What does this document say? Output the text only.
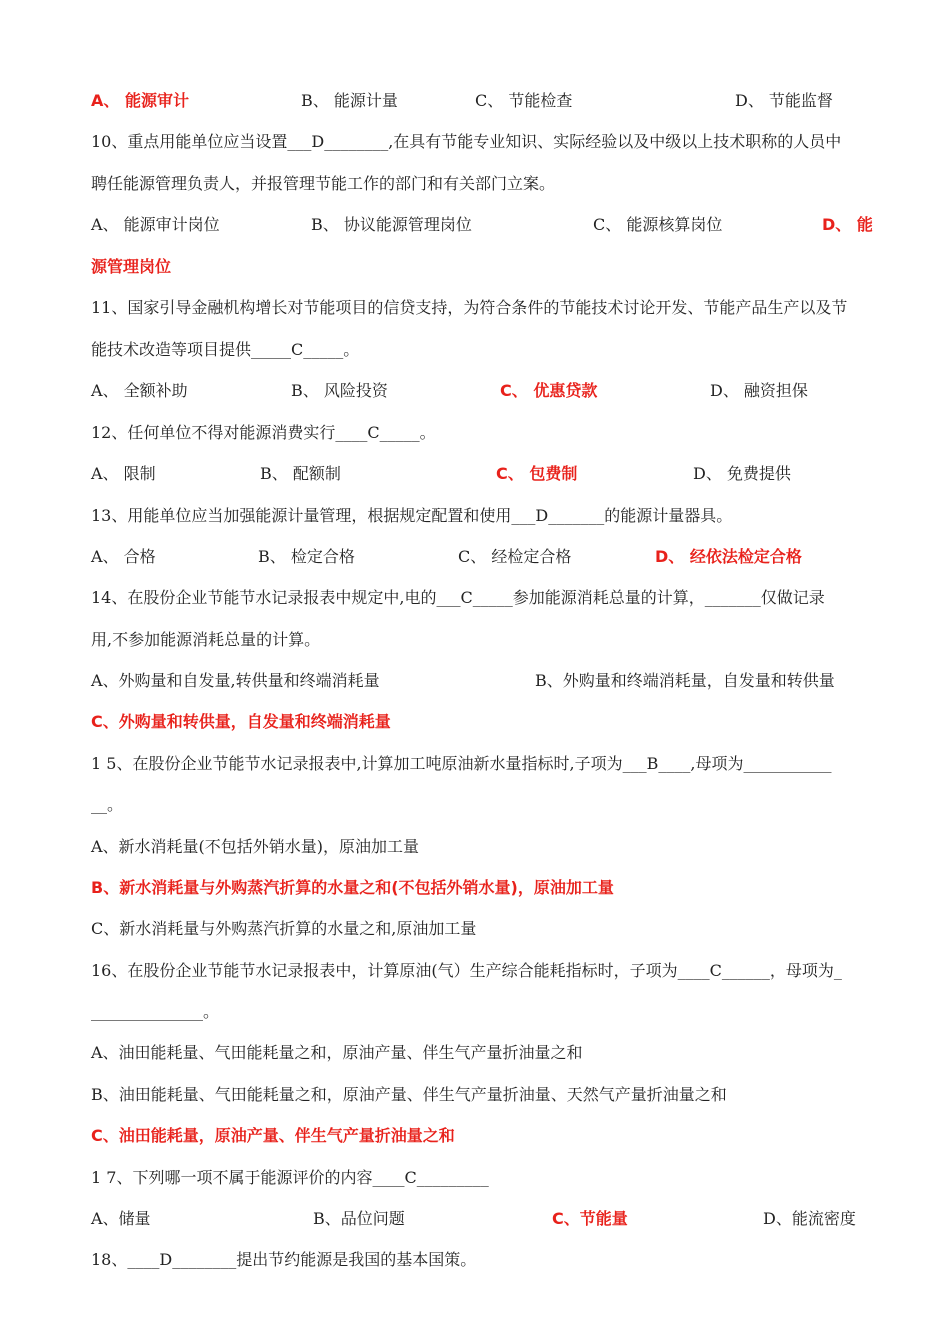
A、 能源审计	B、 能源计量	C、 节能检查	D、 节能监督
10、重点用能单位应当设置___D________,在具有节能专业知识、实际经验以及中级以上技术职称的人员中
聘任能源管理负责人，并报管理节能工作的部门和有关部门立案。
A、 能源审计岗位	B、 协议能源管理岗位	C、 能源核算岗位	D、 能
源管理岗位
11、国家引导金融机构增长对节能项目的信贷支持，为符合条件的节能技术讨论开发、节能产品生产以及节
能技术改造等项目提供_____C_____。
A、 全额补助	B、 风险投资	C、 优惠贷款	D、 融资担保
12、任何单位不得对能源消费实行____C_____。
A、 限制	B、 配额制	C、 包费制	D、 免费提供
13、用能单位应当加强能源计量管理，根据规定配置和使用___D_______的能源计量器具。
A、 合格	B、 检定合格	C、 经检定合格	D、 经依法检定合格
14、在股份企业节能节水记录报表中规定中,电的___C_____参加能源消耗总量的计算，_______仅做记录
用,不参加能源消耗总量的计算。
A、外购量和自发量,转供量和终端消耗量	B、外购量和终端消耗量，自发量和转供量
C、外购量和转供量，自发量和终端消耗量
1 5、在股份企业节能节水记录报表中,计算加工吨原油新水量指标时,子项为___B____,母项为___________
__。
A、新水消耗量(不包括外销水量)，原油加工量
B、新水消耗量与外购蒸汽折算的水量之和(不包括外销水量)，原油加工量
C、新水消耗量与外购蒸汽折算的水量之和,原油加工量
16、在股份企业节能节水记录报表中，计算原油(气）生产综合能耗指标时，子项为____C______，母项为_
______________。
A、油田能耗量、气田能耗量之和，原油产量、伴生气产量折油量之和
B、油田能耗量、气田能耗量之和，原油产量、伴生气产量折油量、天然气产量折油量之和
C、油田能耗量，原油产量、伴生气产量折油量之和
1 7、下列哪一项不属于能源评价的内容____C_________
A、储量	B、品位问题	C、节能量	D、能流密度
18、____D________提出节约能源是我国的基本国策。
